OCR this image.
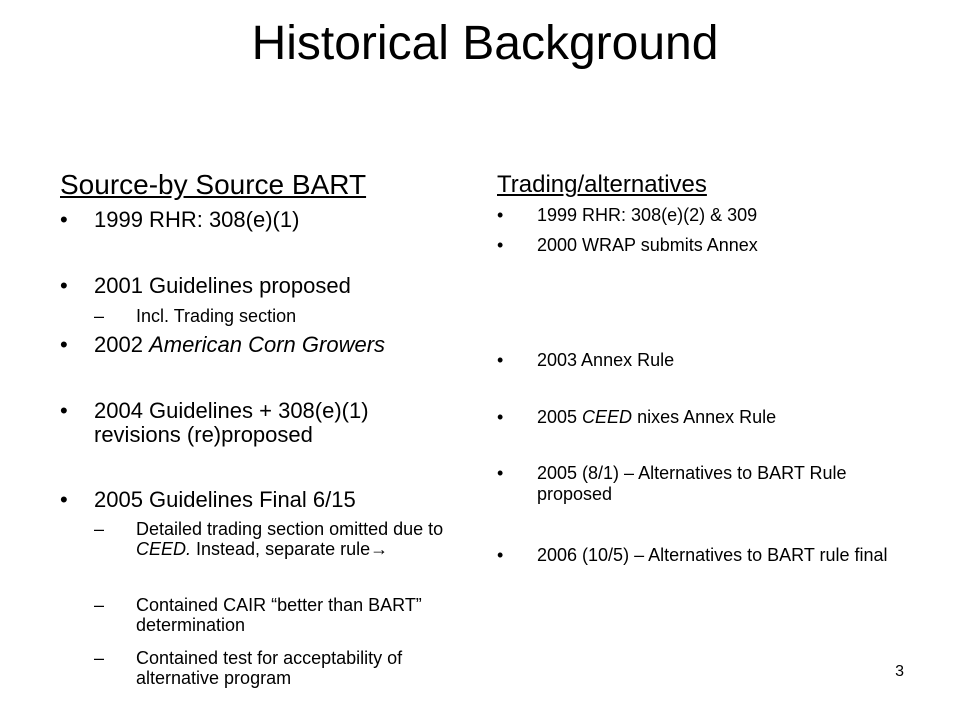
Historical Background
Source-by Source BART
• 1999 RHR: 308(e)(1)
• 2001 Guidelines proposed
– Incl. Trading section
• 2002 American Corn Growers
• 2004 Guidelines + 308(e)(1) revisions (re)proposed
• 2005 Guidelines Final 6/15
– Detailed trading section omitted due to CEED. Instead, separate rule→
– Contained CAIR “better than BART” determination
– Contained test for acceptability of alternative program
Trading/alternatives
• 1999 RHR: 308(e)(2) & 309
• 2000 WRAP submits Annex
• 2003 Annex Rule
• 2005 CEED nixes Annex Rule
• 2005 (8/1) – Alternatives to BART Rule proposed
• 2006 (10/5) – Alternatives to BART rule final
3
